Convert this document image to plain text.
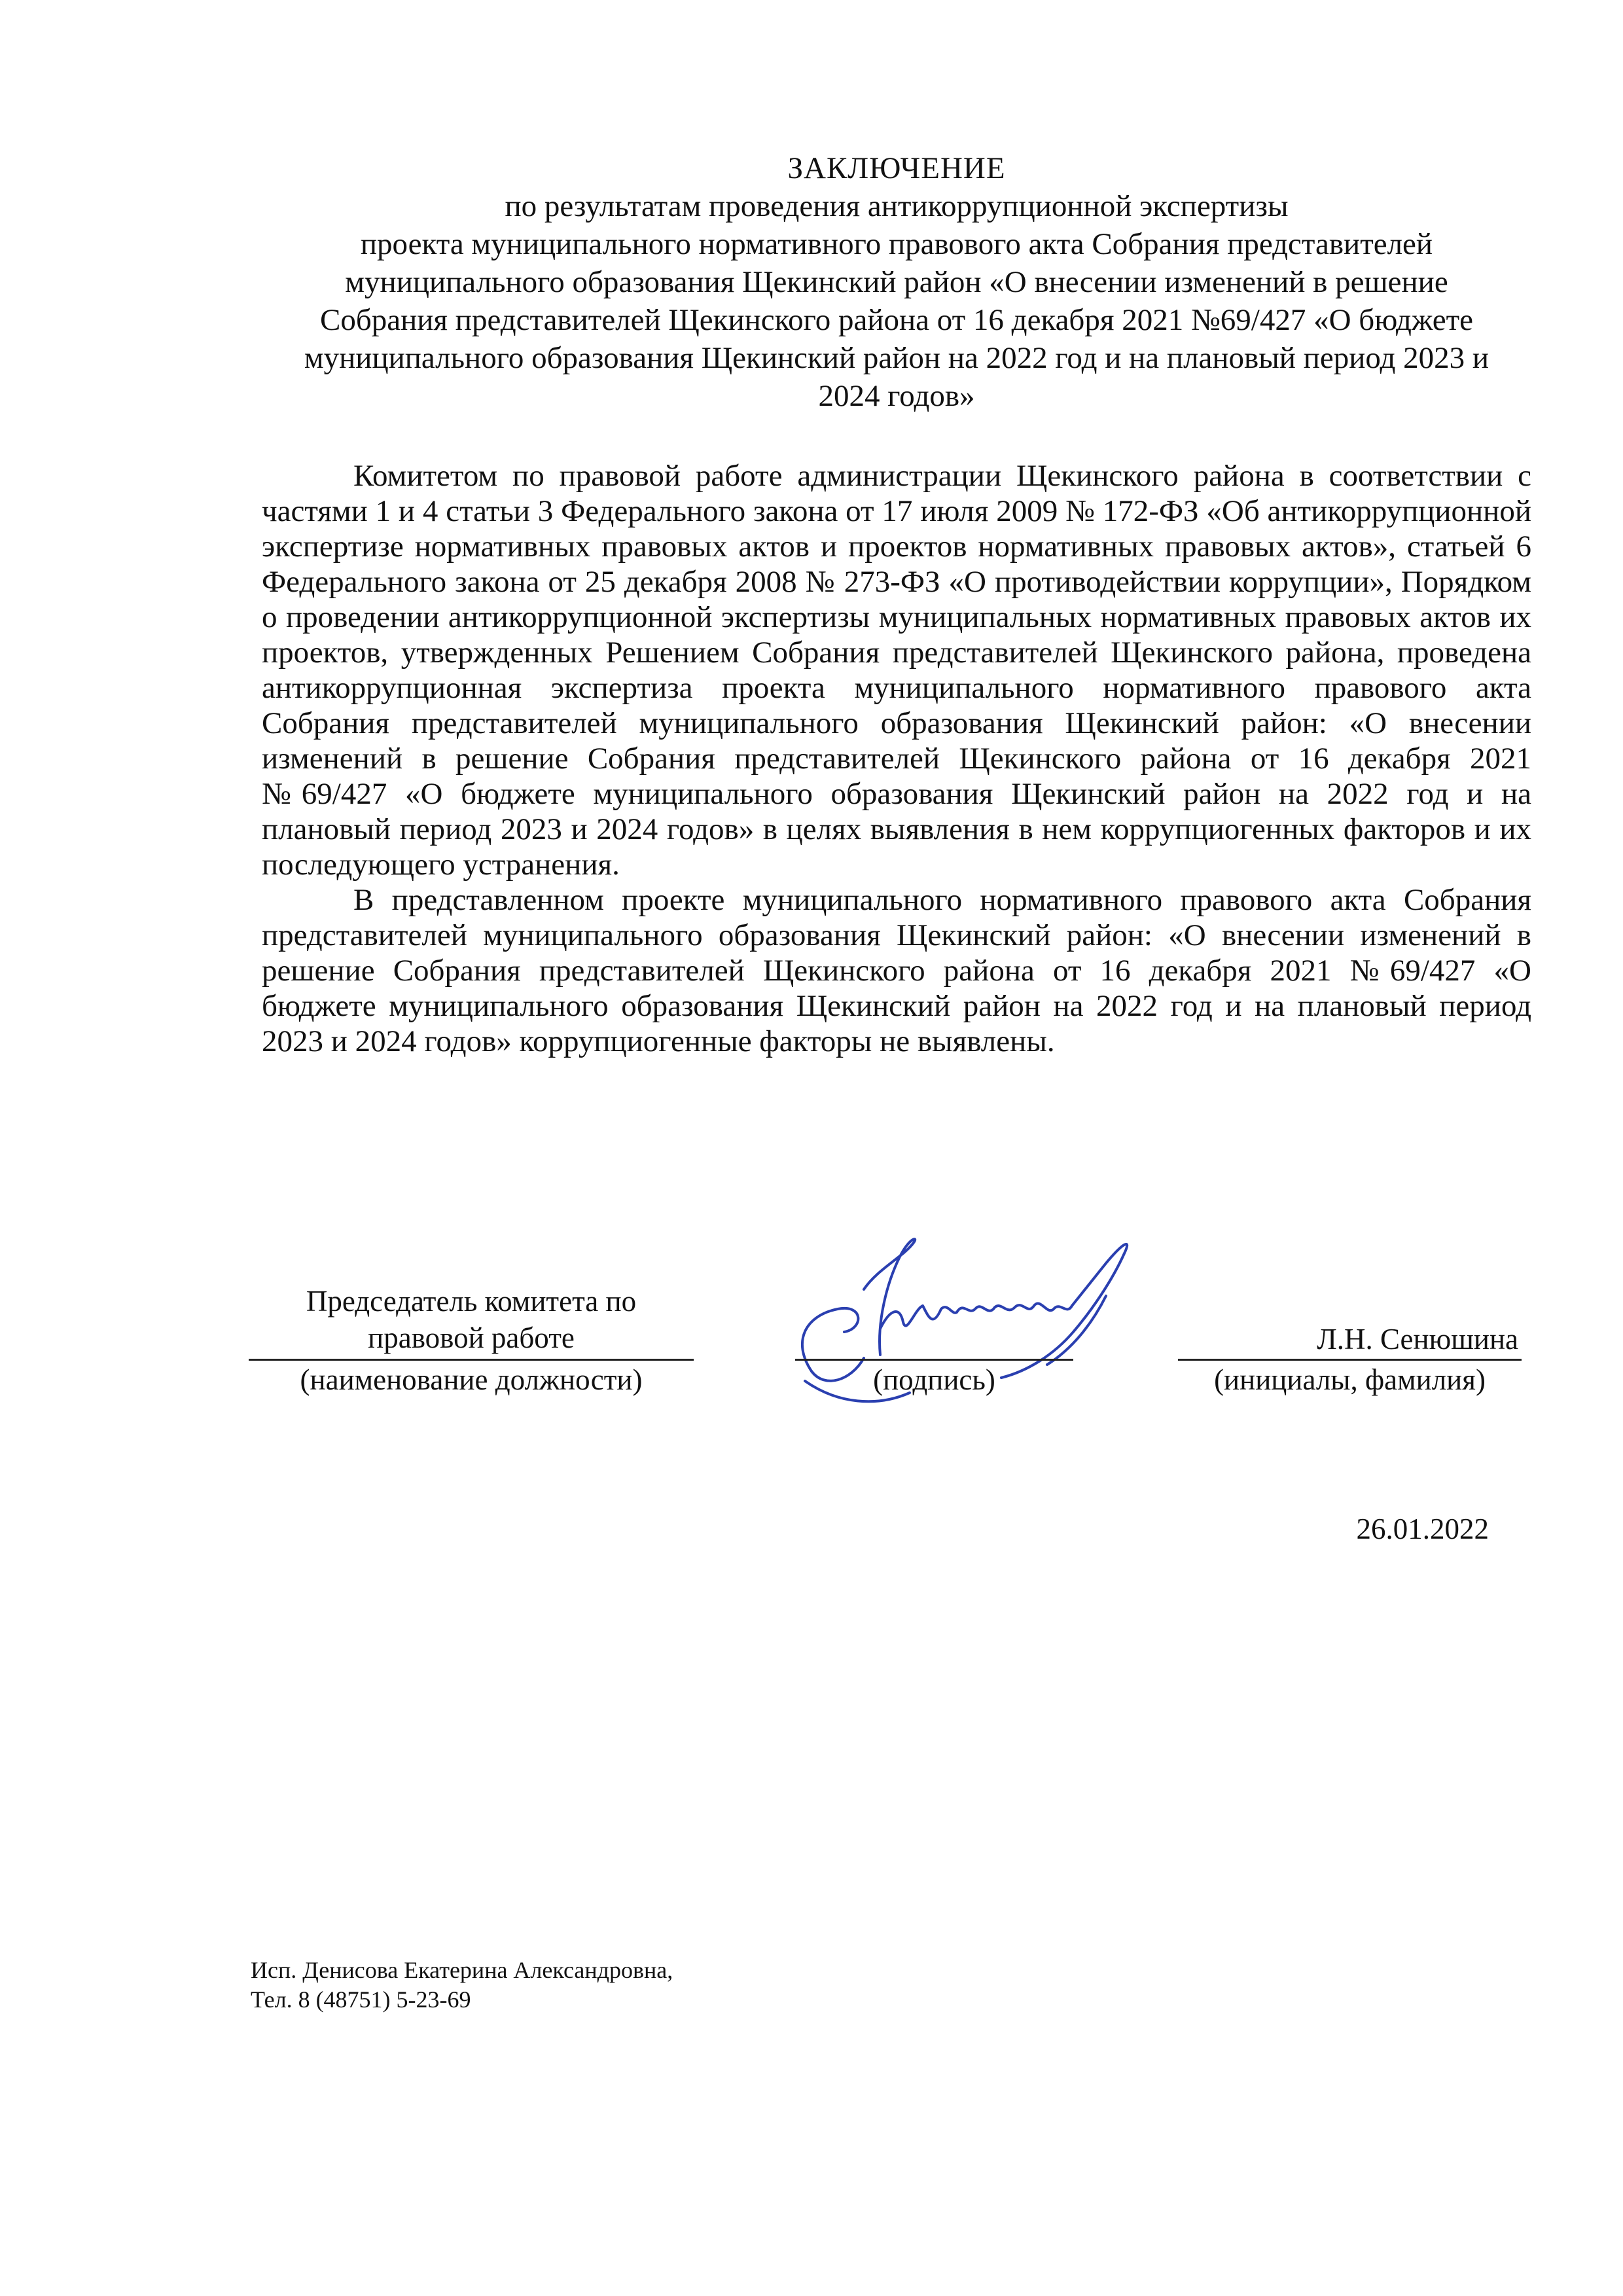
ЗАКЛЮЧЕНИЕ

по результатам проведения антикоррупционной экспертизы

проекта муниципального нормативного правового акта Собрания представителей

муниципального образования Щекинский район «О внесении изменений в решение

Собрания представителей Щекинского района от 16 декабря 2021 №69/427 «О бюджете

муниципального образования Щекинский район на 2022 год и на плановый период 2023 и

2024 годов»

Комитетом по правовой работе администрации Щекинского района в соответствии с частями 1 и 4 статьи 3 Федерального закона от 17 июля 2009 № 172-ФЗ «Об антикоррупционной экспертизе нормативных правовых актов и проектов нормативных правовых актов», статьей 6 Федерального закона от 25 декабря 2008 № 273-ФЗ «О противодействии коррупции», Порядком о проведении антикоррупционной экспертизы муниципальных нормативных правовых актов их проектов, утвержденных Решением Собрания представителей Щекинского района, проведена антикоррупционная экспертиза проекта муниципального нормативного правового акта Собрания представителей муниципального образования Щекинский район: «О внесении изменений в решение Собрания представителей Щекинского района от 16 декабря 2021 №69/427 «О бюджете муниципального образования Щекинский район на 2022 год и на плановый период 2023 и 2024 годов» в целях выявления в нем коррупциогенных факторов и их последующего устранения.

В представленном проекте муниципального нормативного правового акта Собрания представителей муниципального образования Щекинский район: «О внесении изменений в решение Собрания представителей Щекинского района от 16 декабря 2021 №69/427 «О бюджете муниципального образования Щекинский район на 2022 год и на плановый период 2023 и 2024 годов» коррупциогенные факторы не выявлены.

Председатель комитета по
правовой работе
(наименование должности)	(подпись)
Л.Н. Сенюшина
(инициалы, фамилия)
26.01.2022

Исп. Денисова Екатерина Александровна,

Тел. 8 (48751) 5-23-69
